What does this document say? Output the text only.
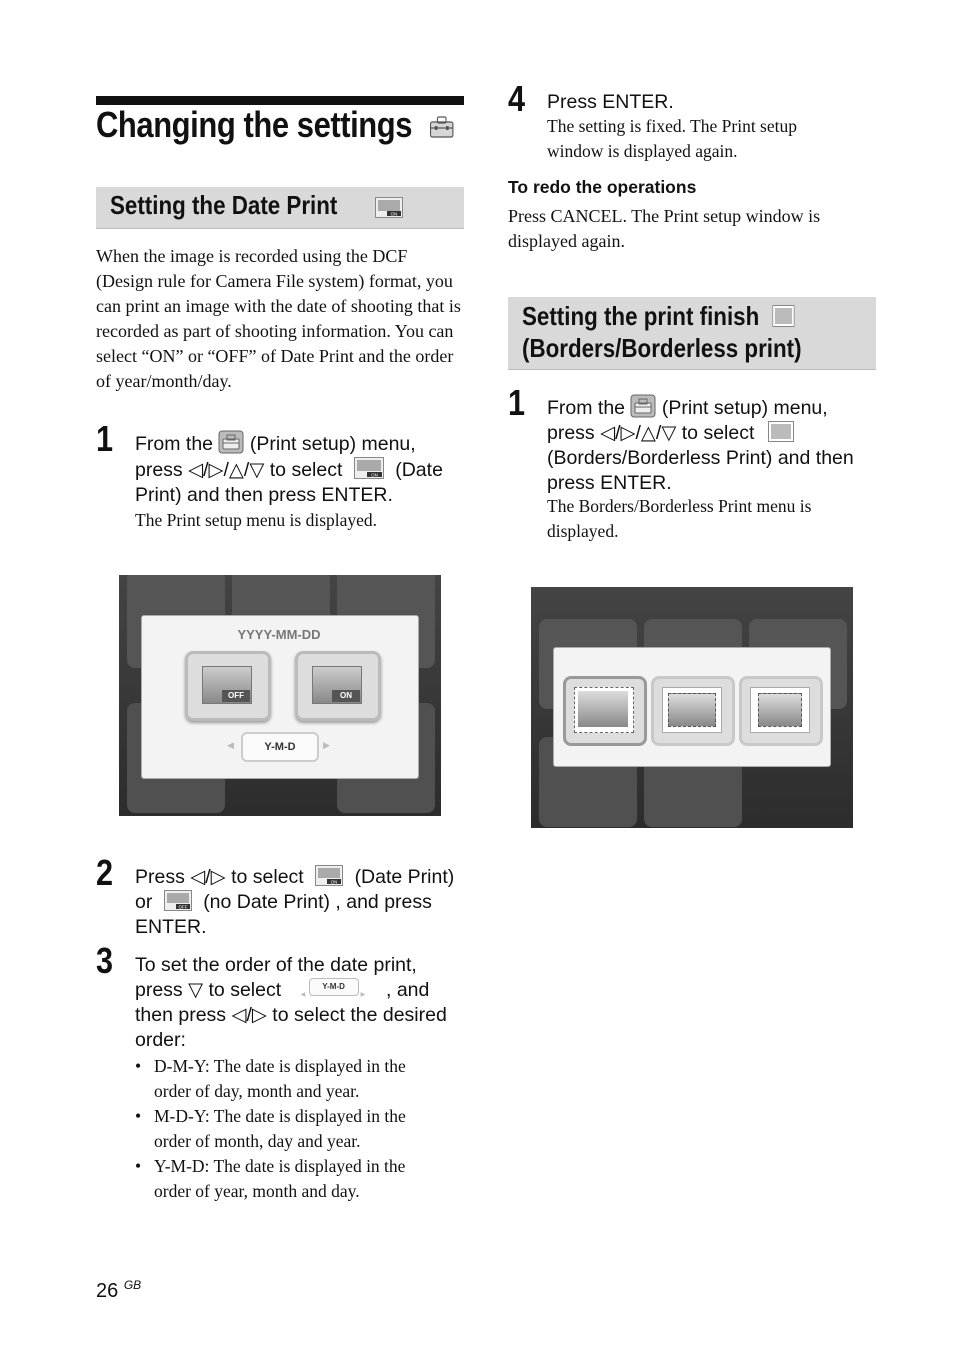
Changing the settings
Setting the Date Print	ON
When the image is recorded using the DCF (Design rule for Camera File system) format, you can print an image with the date of shooting that is recorded as part of shooting information. You can select “ON” or “OFF” of Date Print and the order of year/month/day.
1 From the (Print setup) menu,
press ◁/▷/△/▽ to select	ON (Date
Print) and then press ENTER.
The Print setup menu is displayed.
YYYY-MM-DD
OFF	ON
◀	Y-M-D	▶
2 Press ◁/▷ to select	ON (Date Print)
or	OFF (no Date Print) , and press
ENTER.
3 To set the order of the date print,
press ▽ to select	◀
Y-M-D
▶ , and
then press ◁/▷ to select the desired
order:
• D-M-Y: The date is displayed in the
order of day, month and year.
• M-D-Y: The date is displayed in the
order of month, day and year.
• Y-M-D: The date is displayed in the
order of year, month and day.
26 $^{GB}$
4 Press ENTER.
The setting is fixed. The Print setup
window is displayed again.
To redo the operations
Press CANCEL. The Print setup window is
displayed again.
Setting the print finish
(Borders/Borderless print)
1 From the (Print setup) menu,
press ◁/▷/△/▽ to select
(Borders/Borderless Print) and then
press ENTER.
The Borders/Borderless Print menu is
displayed.
